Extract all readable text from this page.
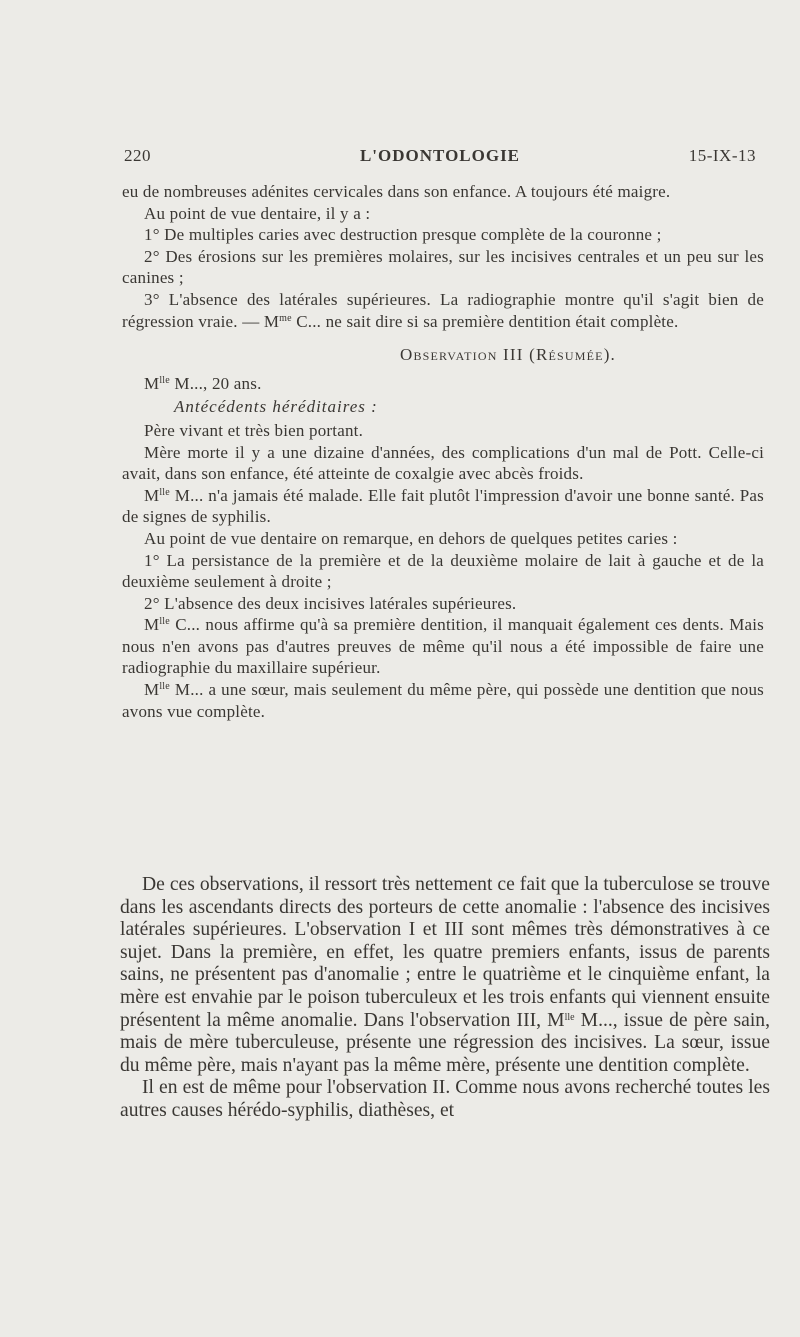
220	L'ODONTOLOGIE	15-IX-13

eu de nombreuses adénites cervicales dans son enfance. A toujours été maigre.

Au point de vue dentaire, il y a :

1° De multiples caries avec destruction presque complète de la couronne ;

2° Des érosions sur les premières molaires, sur les incisives centrales et un peu sur les canines ;

3° L'absence des latérales supérieures. La radiographie montre qu'il s'agit bien de régression vraie. — $M^{me}$ C... ne sait dire si sa première dentition était complète.

Observation III (Résumée).

$M^{lle}$ M..., 20 ans.

Antécédents héréditaires :

Père vivant et très bien portant.

Mère morte il y a une dizaine d'années, des complications d'un mal de Pott. Celle-ci avait, dans son enfance, été atteinte de coxalgie avec abcès froids.

$M^{lle}$ M... n'a jamais été malade. Elle fait plutôt l'impression d'avoir une bonne santé. Pas de signes de syphilis.

Au point de vue dentaire on remarque, en dehors de quelques petites caries :

1° La persistance de la première et de la deuxième molaire de lait à gauche et de la deuxième seulement à droite ;

2° L'absence des deux incisives latérales supérieures.

$M^{lle}$ C... nous affirme qu'à sa première dentition, il manquait également ces dents. Mais nous n'en avons pas d'autres preuves de même qu'il nous a été impossible de faire une radiographie du maxillaire supérieur.

$M^{lle}$ M... a une sœur, mais seulement du même père, qui possède une dentition que nous avons vue complète.

De ces observations, il ressort très nettement ce fait que la tuberculose se trouve dans les ascendants directs des porteurs de cette anomalie : l'absence des incisives latérales supérieures. L'observation I et III sont mêmes très démonstratives à ce sujet. Dans la première, en effet, les quatre premiers enfants, issus de parents sains, ne présentent pas d'anomalie ; entre le quatrième et le cinquième enfant, la mère est envahie par le poison tuberculeux et les trois enfants qui viennent ensuite présentent la même anomalie. Dans l'observation III, $M^{lle}$ M..., issue de père sain, mais de mère tuberculeuse, présente une régression des incisives. La sœur, issue du même père, mais n'ayant pas la même mère, présente une dentition complète.

Il en est de même pour l'observation II. Comme nous avons recherché toutes les autres causes hérédo-syphilis, diathèses, et
